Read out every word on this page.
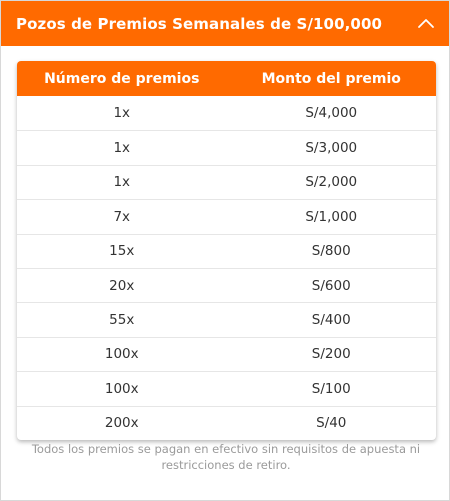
Pozos de Premios Semanales de S/100,000
Número de premios	Monto del premio
1x	S/4,000
1x	S/3,000
1x	S/2,000
7x	S/1,000
15x	S/800
20x	S/600
55x	S/400
100x	S/200
100x	S/100
200x	S/40
Todos los premios se pagan en efectivo sin requisitos de apuesta ni restricciones de retiro.
